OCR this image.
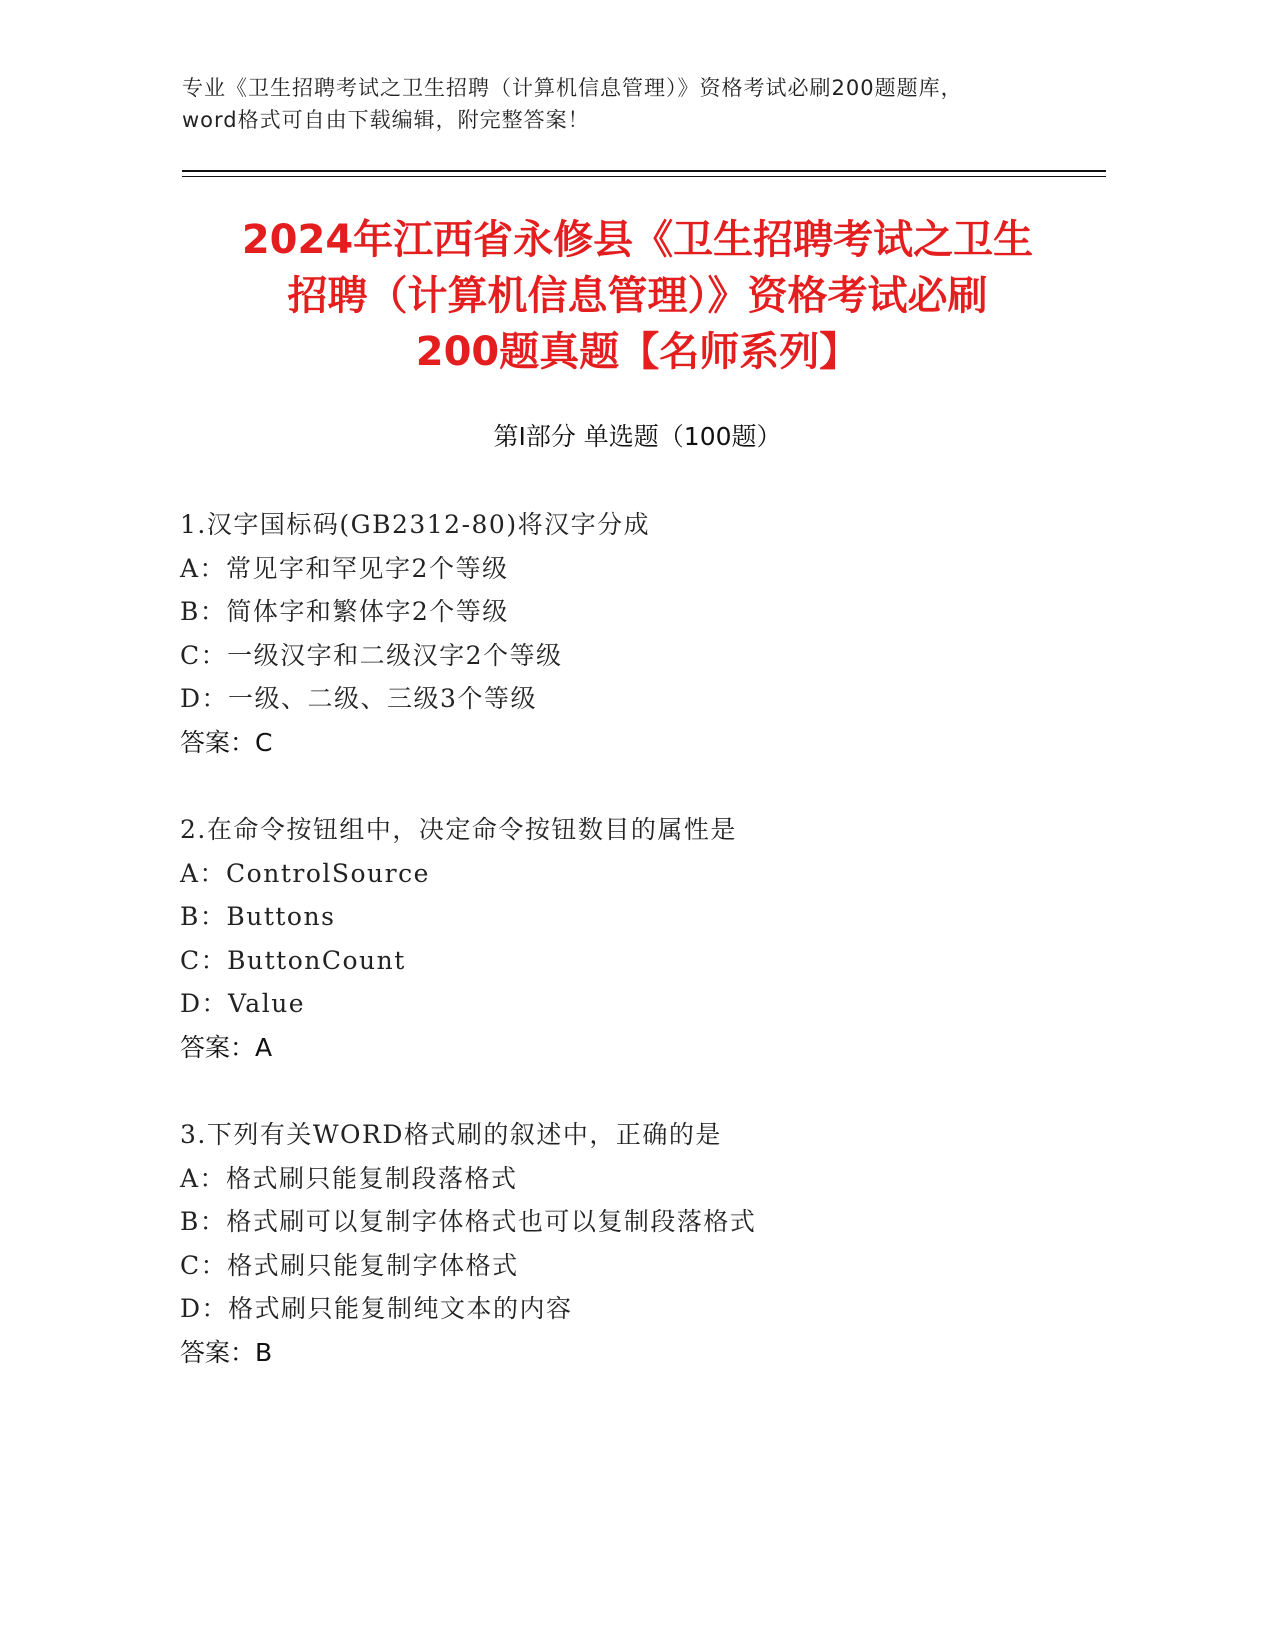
专业《卫生招聘考试之卫生招聘（计算机信息管理）》资格考试必刷200题题库，
word格式可自由下载编辑，附完整答案！
2024年江西省永修县《卫生招聘考试之卫生
招聘（计算机信息管理）》资格考试必刷
200题真题【名师系列】
第Ⅰ部分 单选题（100题）
1.汉字国标码(GB2312-80)将汉字分成
A：常见字和罕见字2个等级
B：简体字和繁体字2个等级
C：一级汉字和二级汉字2个等级
D：一级、二级、三级3个等级
答案：C
2.在命令按钮组中，决定命令按钮数目的属性是
A：ControlSource
B：Buttons
C：ButtonCount
D：Value
答案：A
3.下列有关WORD格式刷的叙述中，正确的是
A：格式刷只能复制段落格式
B：格式刷可以复制字体格式也可以复制段落格式
C：格式刷只能复制字体格式
D：格式刷只能复制纯文本的内容
答案：B
